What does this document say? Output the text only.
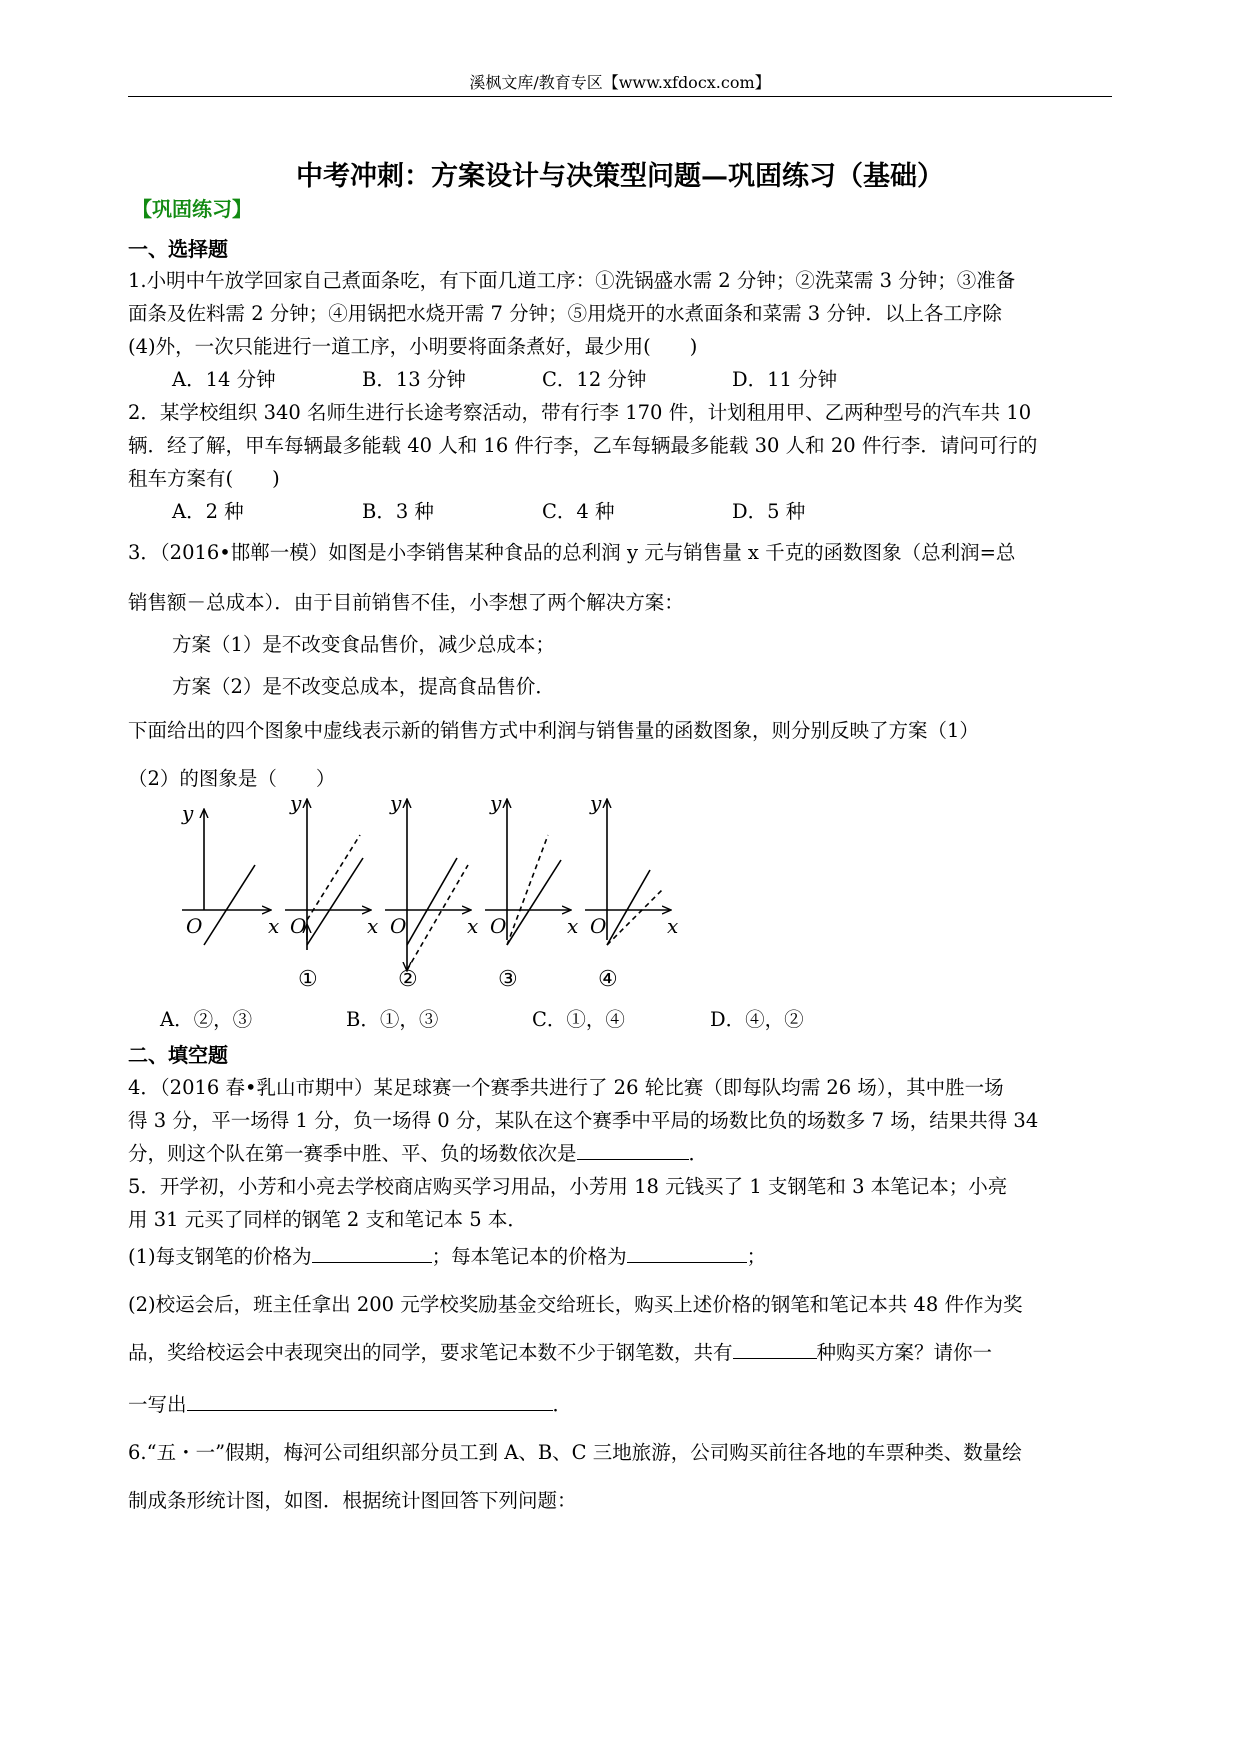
溪枫文库/教育专区【www.xfdocx.com】
中考冲刺：方案设计与决策型问题—巩固练习（基础）
【巩固练习】
一、选择题
1.小明中午放学回家自己煮面条吃，有下面几道工序：①洗锅盛水需 2 分钟；②洗菜需 3 分钟；③准备
面条及佐料需 2 分钟；④用锅把水烧开需 7 分钟；⑤用烧开的水煮面条和菜需 3 分钟．以上各工序除
(4)外，一次只能进行一道工序，小明要将面条煮好，最少用(　　)
A．14 分钟	B．13 分钟	C．12 分钟	D．11 分钟
2．某学校组织 340 名师生进行长途考察活动，带有行李 170 件，计划租用甲、乙两种型号的汽车共 10
辆．经了解，甲车每辆最多能载 40 人和 16 件行李，乙车每辆最多能载 30 人和 20 件行李．请问可行的
租车方案有(　　)
A．2 种	B．3 种	C．4 种	D．5 种
3．（2016•邯郸一模）如图是小李销售某种食品的总利润 y 元与销售量 x 千克的函数图象（总利润=总
销售额－总成本）．由于目前销售不佳，小李想了两个解决方案：
方案（1）是不改变食品售价，减少总成本；
方案（2）是不改变总成本，提高食品售价．
下面给出的四个图象中虚线表示新的销售方式中利润与销售量的函数图象，则分别反映了方案（1）
（2）的图象是（　　）
y
x
O
y
x
O
①
y
x
O
②
y
x
O
③
y
x
O
④
A．②，③	B．①，③	C．①，④	D．④，②
二、填空题
4．（2016 春•乳山市期中）某足球赛一个赛季共进行了 26 轮比赛（即每队均需 26 场），其中胜一场
得 3 分，平一场得 1 分，负一场得 0 分，某队在这个赛季中平局的场数比负的场数多 7 场，结果共得 34
分，则这个队在第一赛季中胜、平、负的场数依次是	．
5．开学初，小芳和小亮去学校商店购买学习用品，小芳用 18 元钱买了 1 支钢笔和 3 本笔记本；小亮
用 31 元买了同样的钢笔 2 支和笔记本 5 本．
(1)每支钢笔的价格为	；每本笔记本的价格为	；
(2)校运会后，班主任拿出 200 元学校奖励基金交给班长，购买上述价格的钢笔和笔记本共 48 件作为奖
品，奖给校运会中表现突出的同学，要求笔记本数不少于钢笔数，共有	种购买方案？请你一
一写出	．
6.“五・一”假期，梅河公司组织部分员工到 A、B、C 三地旅游，公司购买前往各地的车票种类、数量绘
制成条形统计图，如图．根据统计图回答下列问题：
